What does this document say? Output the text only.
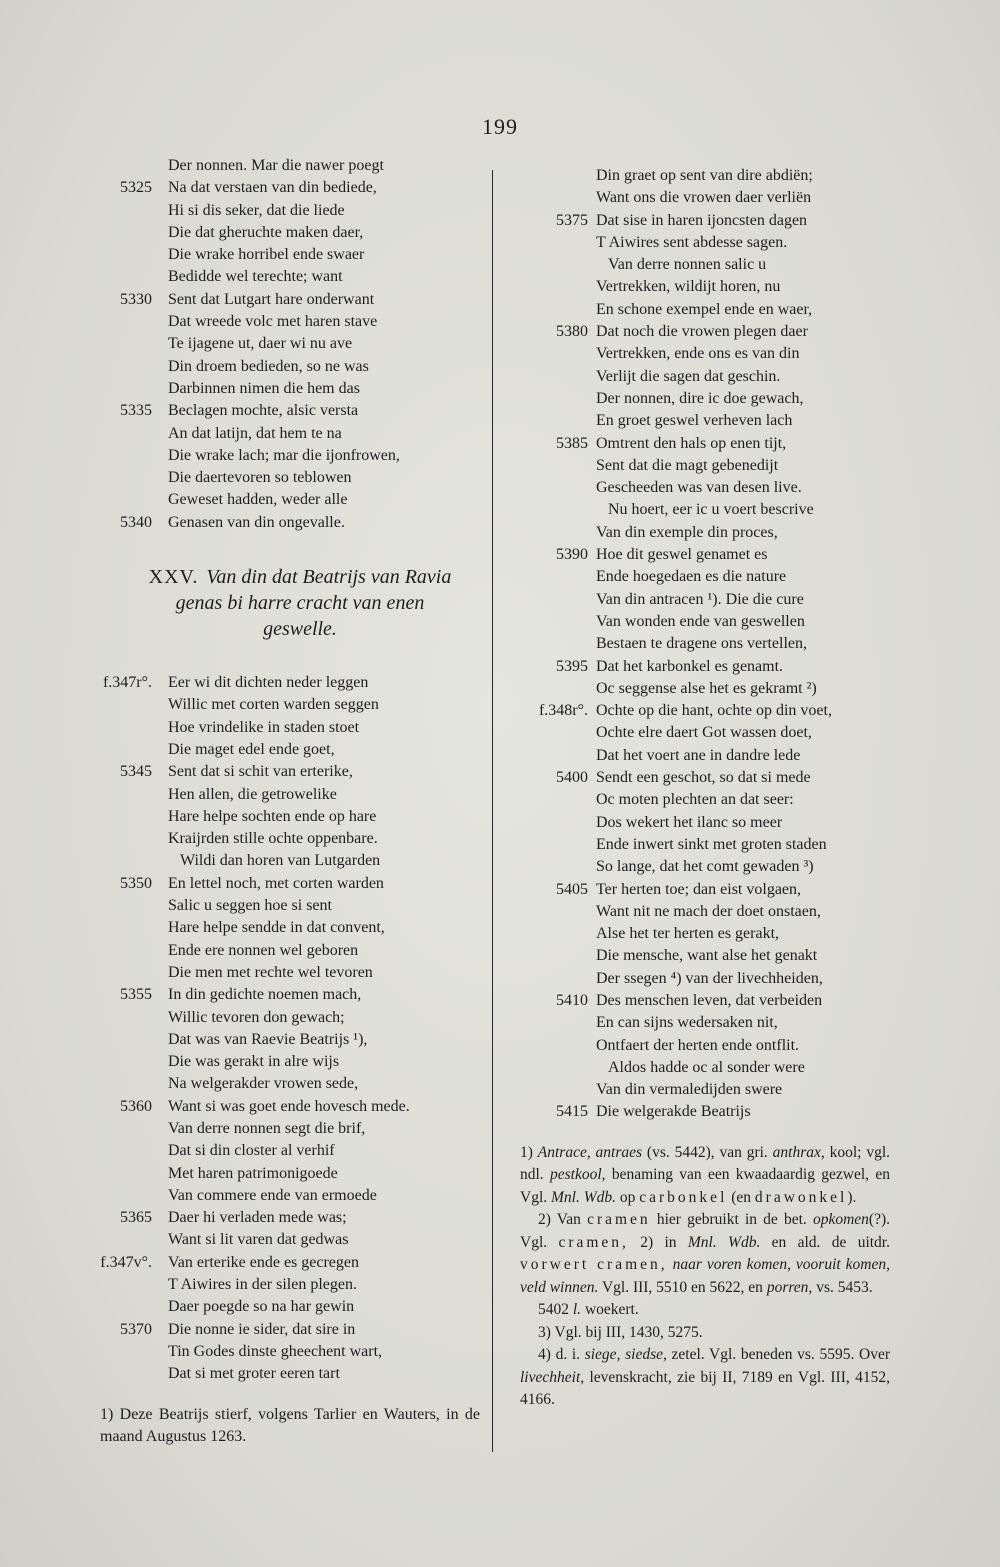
199
Der nonnen. Mar die nawer poegt
5325 Na dat verstaen van din bediede,
Hi si dis seker, dat die liede
Die dat gheruchte maken daer,
Die wrake horribel ende swaer
Bedidde wel terechte; want
5330 Sent dat Lutgart hare onderwant
Dat wreede volc met haren stave
Te ijagene ut, daer wi nu ave
Din droem bedieden, so ne was
Darbinnen nimen die hem das
5335 Beclagen mochte, alsic versta
An dat latijn, dat hem te na
Die wrake lach; mar die ijonfrowen,
Die daertevoren so teblowen
Geweset hadden, weder alle
5340 Genasen van din ongevalle.
XXV. Van din dat Beatrijs van Ravia
genas bi harre cracht van enen
geswelle.
f.347r°. Eer wi dit dichten neder leggen
Willic met corten warden seggen
Hoe vrindelike in staden stoet
Die maget edel ende goet,
5345 Sent dat si schit van erterike,
Hen allen, die getrowelike
Hare helpe sochten ende op hare
Kraijrden stille ochte oppenbare.
Wildi dan horen van Lutgarden
5350 En lettel noch, met corten warden
Salic u seggen hoe si sent
Hare helpe sendde in dat convent,
Ende ere nonnen wel geboren
Die men met rechte wel tevoren
5355 In din gedichte noemen mach,
Willic tevoren don gewach;
Dat was van Raevie Beatrijs ¹),
Die was gerakt in alre wijs
Na welgerakder vrowen sede,
5360 Want si was goet ende hovesch mede.
Van derre nonnen segt die brif,
Dat si din closter al verhif
Met haren patrimonigoede
Van commere ende van ermoede
5365 Daer hi verladen mede was;
Want si lit varen dat gedwas
f.347v°. Van erterike ende es gecregen
T Aiwires in der silen plegen.
Daer poegde so na har gewin
5370 Die nonne ie sider, dat sire in
Tin Godes dinste gheechent wart,
Dat si met groter eeren tart
1) Deze Beatrijs stierf, volgens Tarlier en Wauters, in de maand Augustus 1263.
Din graet op sent van dire abdiën;
Want ons die vrowen daer verliën
5375 Dat sise in haren ijoncsten dagen
T Aiwires sent abdesse sagen.
Van derre nonnen salic u
Vertrekken, wildijt horen, nu
En schone exempel ende en waer,
5380 Dat noch die vrowen plegen daer
Vertrekken, ende ons es van din
Verlijt die sagen dat geschin.
Der nonnen, dire ic doe gewach,
En groet geswel verheven lach
5385 Omtrent den hals op enen tijt,
Sent dat die magt gebenedijt
Gescheeden was van desen live.
Nu hoert, eer ic u voert bescrive
Van din exemple din proces,
5390 Hoe dit geswel genamet es
Ende hoegedaen es die nature
Van din antracen ¹). Die die cure
Van wonden ende van geswellen
Bestaen te dragene ons vertellen,
5395 Dat het karbonkel es genamt.
Oc seggense alse het es gekramt ²)
f.348r°. Ochte op die hant, ochte op din voet,
Ochte elre daert Got wassen doet,
Dat het voert ane in dandre lede
5400 Sendt een geschot, so dat si mede
Oc moten plechten an dat seer:
Dos wekert het ilanc so meer
Ende inwert sinkt met groten staden
So lange, dat het comt gewaden ³)
5405 Ter herten toe; dan eist volgaen,
Want nit ne mach der doet onstaen,
Alse het ter herten es gerakt,
Die mensche, want alse het genakt
Der ssegen ⁴) van der livechheiden,
5410 Des menschen leven, dat verbeiden
En can sijns wedersaken nit,
Ontfaert der herten ende ontflit.
Aldos hadde oc al sonder were
Van din vermaledijden swere
5415 Die welgerakde Beatrijs

1) Antrace, antraes (vs. 5442), van gri. anthrax, kool; vgl. ndl. pestkool, benaming van een kwaadaardig gezwel, en Vgl. Mnl. Wdb. op carbonkel (en drawonkel).

2) Van cramen hier gebruikt in de bet. opkomen(?). Vgl. cramen, 2) in Mnl. Wdb. en ald. de uitdr. vorwert cramen, naar voren komen, vooruit komen, veld winnen. Vgl. III, 5510 en 5622, en porren, vs. 5453.

5402 l. woekert.

3) Vgl. bij III, 1430, 5275.

4) d. i. siege, siedse, zetel. Vgl. beneden vs. 5595. Over livechheit, levenskracht, zie bij II, 7189 en Vgl. III, 4152, 4166.
